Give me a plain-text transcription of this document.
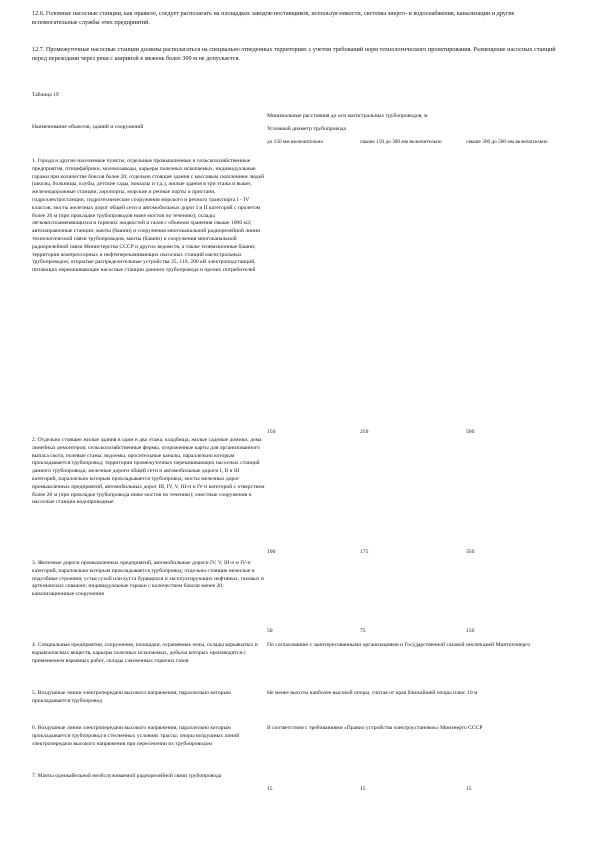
12.6. Головные насосные станции, как правило, следует располагать на площадках заводов-поставщиков, используя емкости, системы энерго- и водоснабжения, канализации и другие вспомогательные службы этих предприятий.
12.7. Промежуточные насосные станции должны располагаться на специально отведенных территориях с учетом требований норм технологического проектирования. Размещение насосных станций перед переходами через реки с шириной в межень более 300 м не допускается.
Таблица 19
Наименование объектов, зданий и сооружений
Минимальные расстояния до оси магистральных трубопроводов, м
Условный диаметр трубопровода
до 150 мм включительно	свыше 150 до 300 мм включительно	свыше 300 до 500 мм включительно
1. Города и другие населенные пункты, отдельные промышленные и сельскохозяйственные предприятия, птицефабрики, молокозаводы, карьеры полезных ископаемых, индивидуальные гаражи при количестве боксов более 20; отдельно стоящие здания с массовым скоплением людей (школы, больницы, клубы, детские сады, вокзалы и т.д.), жилые здания в три этажа и выше; железнодорожные станции, аэропорты, морские и речные порты и пристани, гидроэлектростанции, гидротехнические сооружения морского и речного транспорта I - IV классов; мосты железных дорог общей сети и автомобильных дорог I и II категорий с пролетом более 20 м (при прокладке трубопроводов ниже мостов по течению); склады легковоспламеняющихся и горючих жидкостей и газов с объемом хранения свыше 1000 м3; автозаправочные станции; мачты (башни) и сооружения многоканальной радиорелейной линии технологической связи трубопроводов, мачты (башни) и сооружения многоканальной радиорелейной связи Министерства СССР и других ведомств, а также телевизионные башни; территории компрессорных и нефтеперекачивающих насосных станций магистральных трубопроводов; открытые распределительные устройства 35, 110, 200 кВ электроподстанций, питающих перекачивающие насосные станции данного трубопровода и прочих потребителей
150	250	500
2. Отдельно стоящие жилые здания в один и два этажа, кладбища, жилые садовые домики, дома линейных ремонтеров; сельскохозяйственные фермы, огороженные карты для организованного выпаса скота, полевые станы; водоемы, оросительные каналы, параллельно которым прокладывается трубопровод; территории промежуточных перекачивающих насосных станций данного трубопровода; железные дороги общей сети и автомобильные дороги I, II и III категорий, параллельно которым прокладывается трубопровод; мосты железных дорог промышленных предприятий, автомобильных дорог III, IV, V, III-п и IV-п категорий с отверстием более 20 м (при прокладке трубопровода ниже мостов по течению); очистные сооружения и насосные станции водопроводные
100	175	350
3. Железные дороги промышленных предприятий, автомобильные дороги IV, V, III-п и IV-п категорий, параллельно которым прокладывается трубопровод; отдельно стоящие нежилые и подсобные строения; устья сухой или куста бурящихся и эксплуатирующих нефтяных, газовых и артезианских скважин; индивидуальные гаражи с количеством боксов менее 20; канализационные сооружения
50	75	150
4. Специальные предприятия, сооружения, площадки, охраняемые зоны, склады взрывчатых и взрывоопасных веществ, карьеры полезных ископаемых, добыча которых производится с применением взрывных работ, склады сжиженных горючих газов
По согласованию с заинтересованными организациями и Государственной газовой инспекцией Минтопэнерго
5. Воздушные линии электропередачи высокого напряжения, параллельно которым прокладывается трубопровод
Не менее высоты наиболее высокой опоры, считая от края ближайшей опоры плюс 10 м
6. Воздушные линии электропередачи высокого напряжения, параллельно которым прокладывается трубопровод в стесненных условиях трассы; опоры воздушных линий электропередачи высокого напряжения при пересечении их трубопроводом
В соответствии с требованиями «Правил устройства электроустановок» Минэнерго СССР
7. Мачты однокабельной необслуживаемой радиорелейной связи трубопровода
15	15	15
